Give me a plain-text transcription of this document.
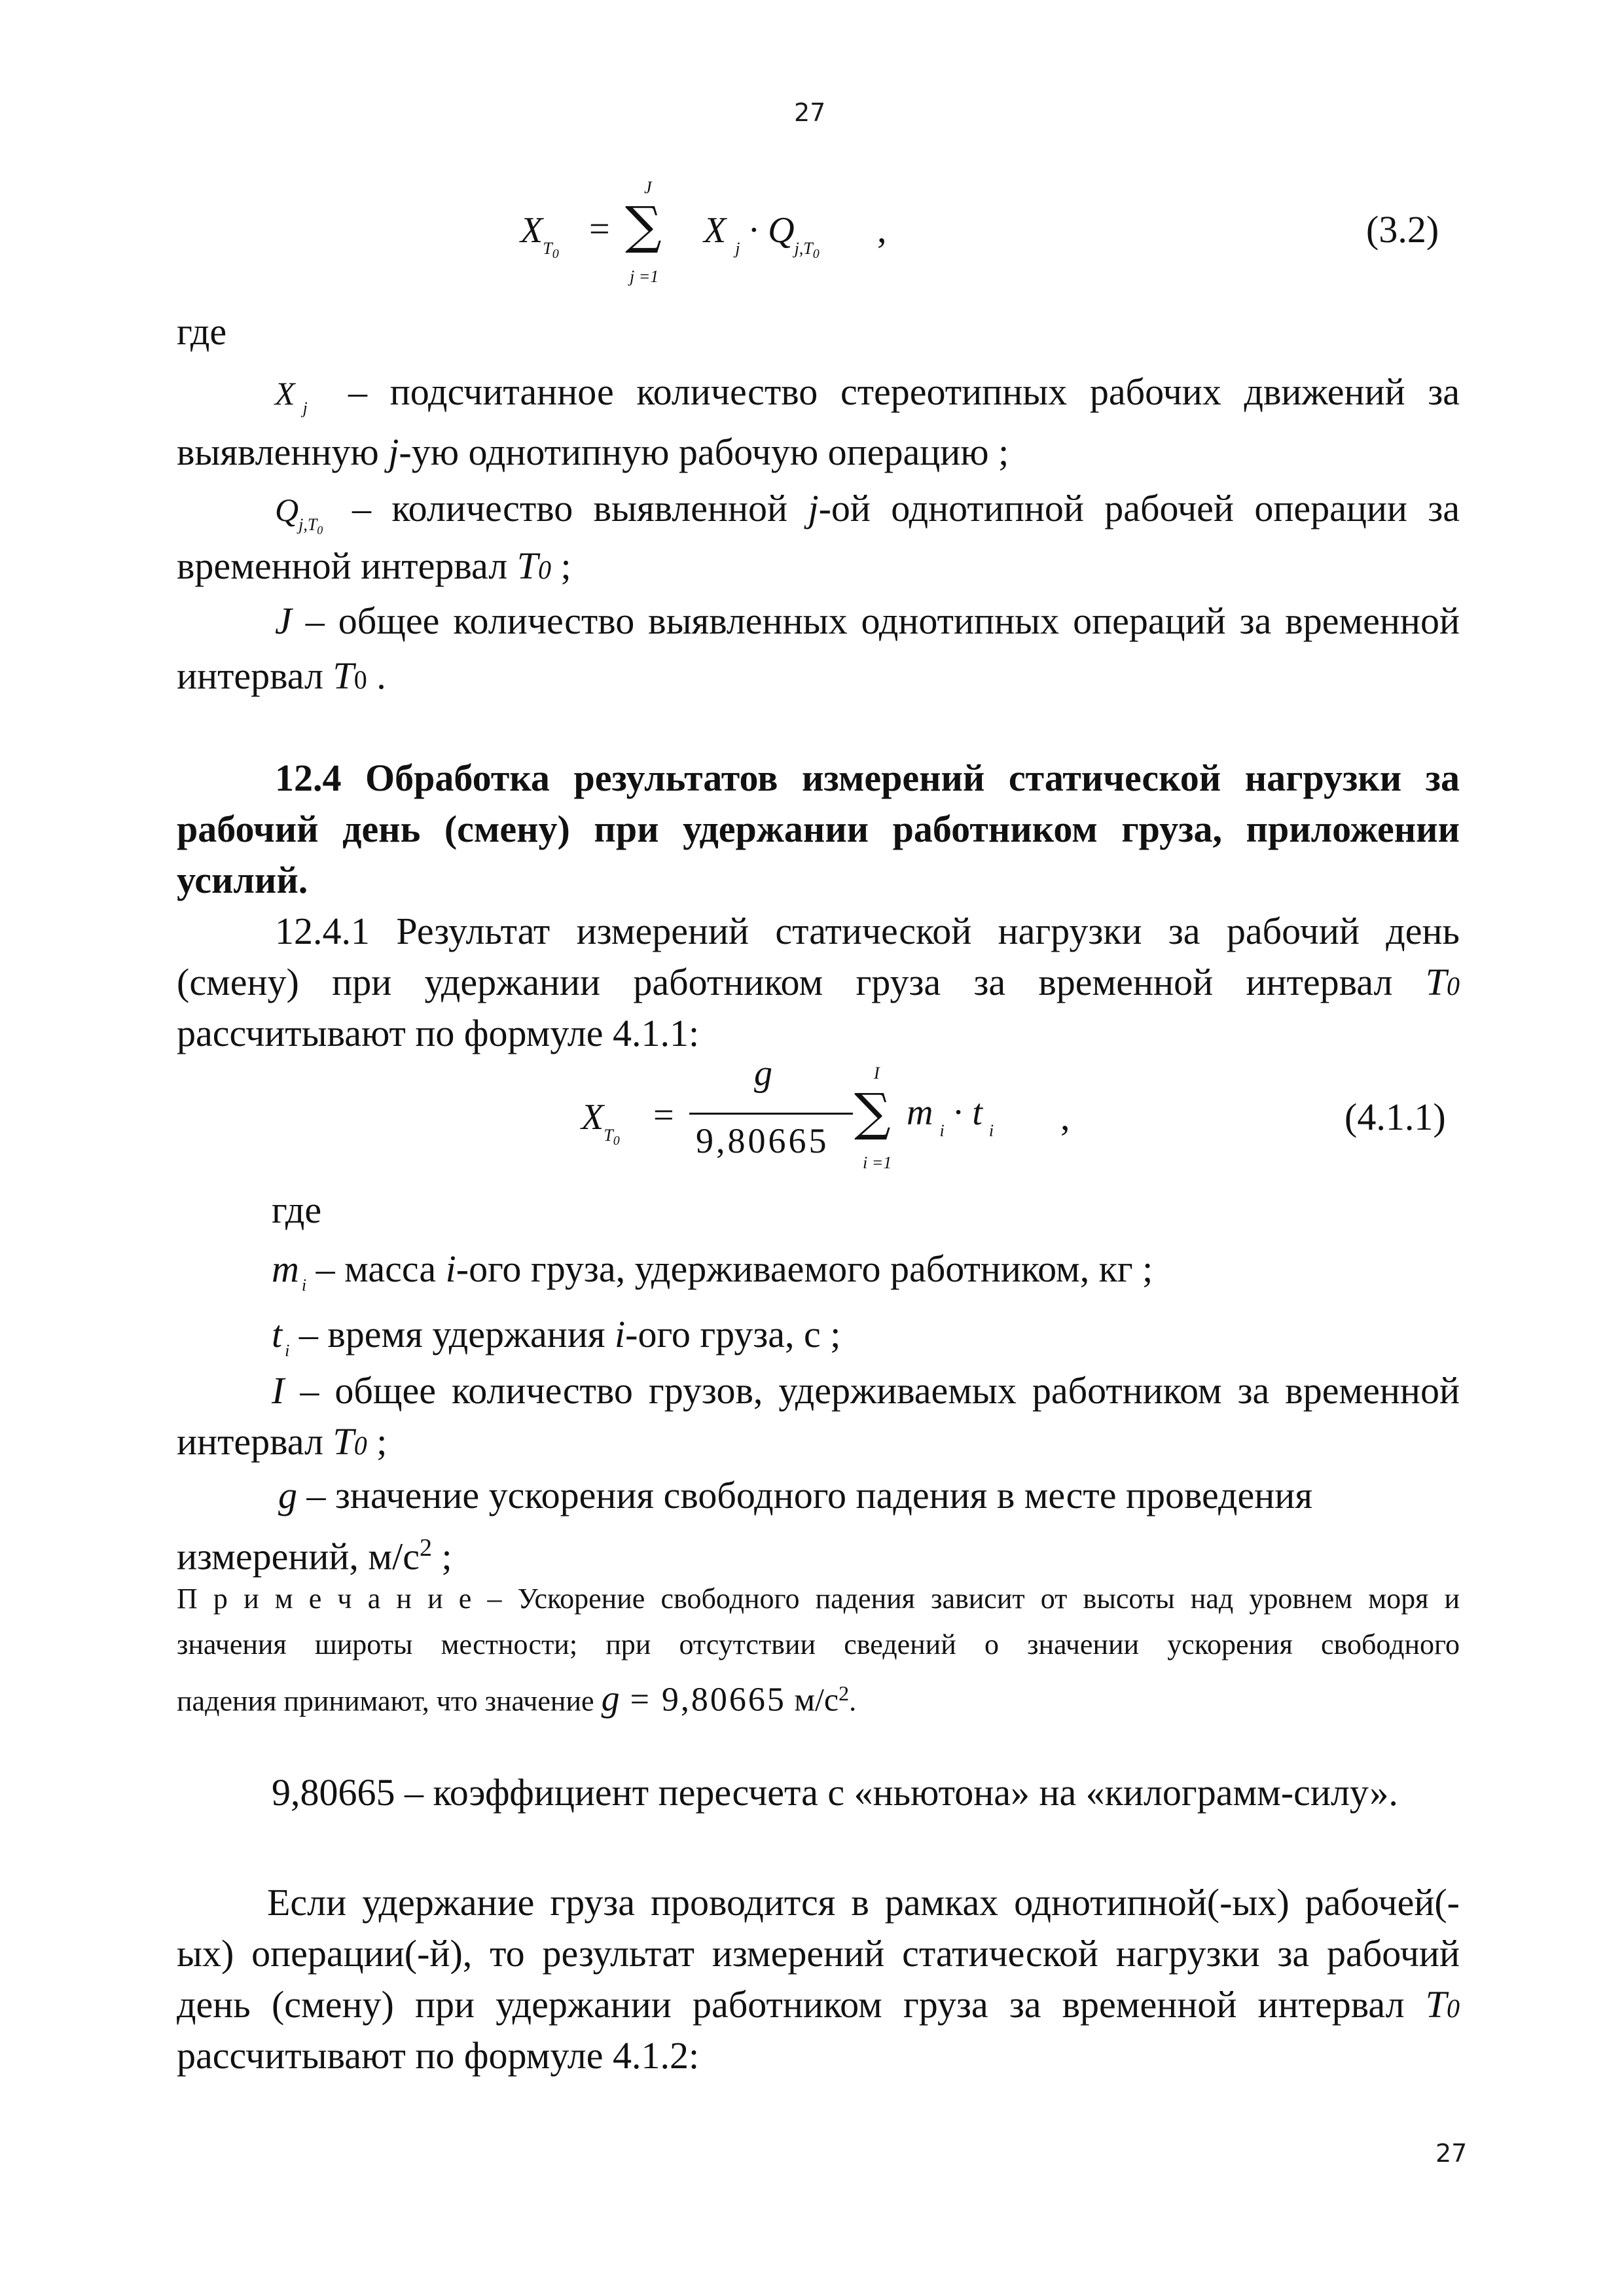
27
27
$X_{T0}$
=
J
∑
j =1
X $_j \cdot Q_{j,T0}$
,	(3.2)
где
X $_j$ – подсчитанное количество стереотипных рабочих движений за
выявленную j-ую однотипную рабочую операцию ;
$Q_{j,T0}-$ количество выявленной j-ой однотипной рабочей операции за
временной интервал T0 ;
J – общее количество выявленных однотипных операций за временной
интервал T0 .
12.4 Обработка результатов измерений статической нагрузки за
рабочий день (смену) при удержании работником груза, приложении
усилий.
12.4.1 Результат измерений статической нагрузки за рабочий день
(смену) при удержании работником груза за временной интервал T0
рассчитывают по формуле 4.1.1:
$X_{T0}$
=
g
9,80665
I
∑
i =1
m $_i$ · t $_i$ ,	(4.1.1)
где
m $_i$ – масса i-ого груза, удерживаемого работником, кг ;
t $_i$ – время удержания i-ого груза, с ;
I – общее количество грузов, удерживаемых работником за временной
интервал T0 ;
g – значение ускорения свободного падения в месте проведения
измерений, $м/с^2$ ;
П р и м е ч а н и е – Ускорение свободного падения зависит от высоты над уровнем моря и
значения широты местности; при отсутствии сведений о значении ускорения свободного
падения принимают, что значение g = 9,80665 $м/с^2$.
9,80665 – коэффициент пересчета с «ньютона» на «килограмм-силу».
Если удержание груза проводится в рамках однотипной(-ых) рабочей(-
ых) операции(-й), то результат измерений статической нагрузки за рабочий
день (смену) при удержании работником груза за временной интервал T0
рассчитывают по формуле 4.1.2:
